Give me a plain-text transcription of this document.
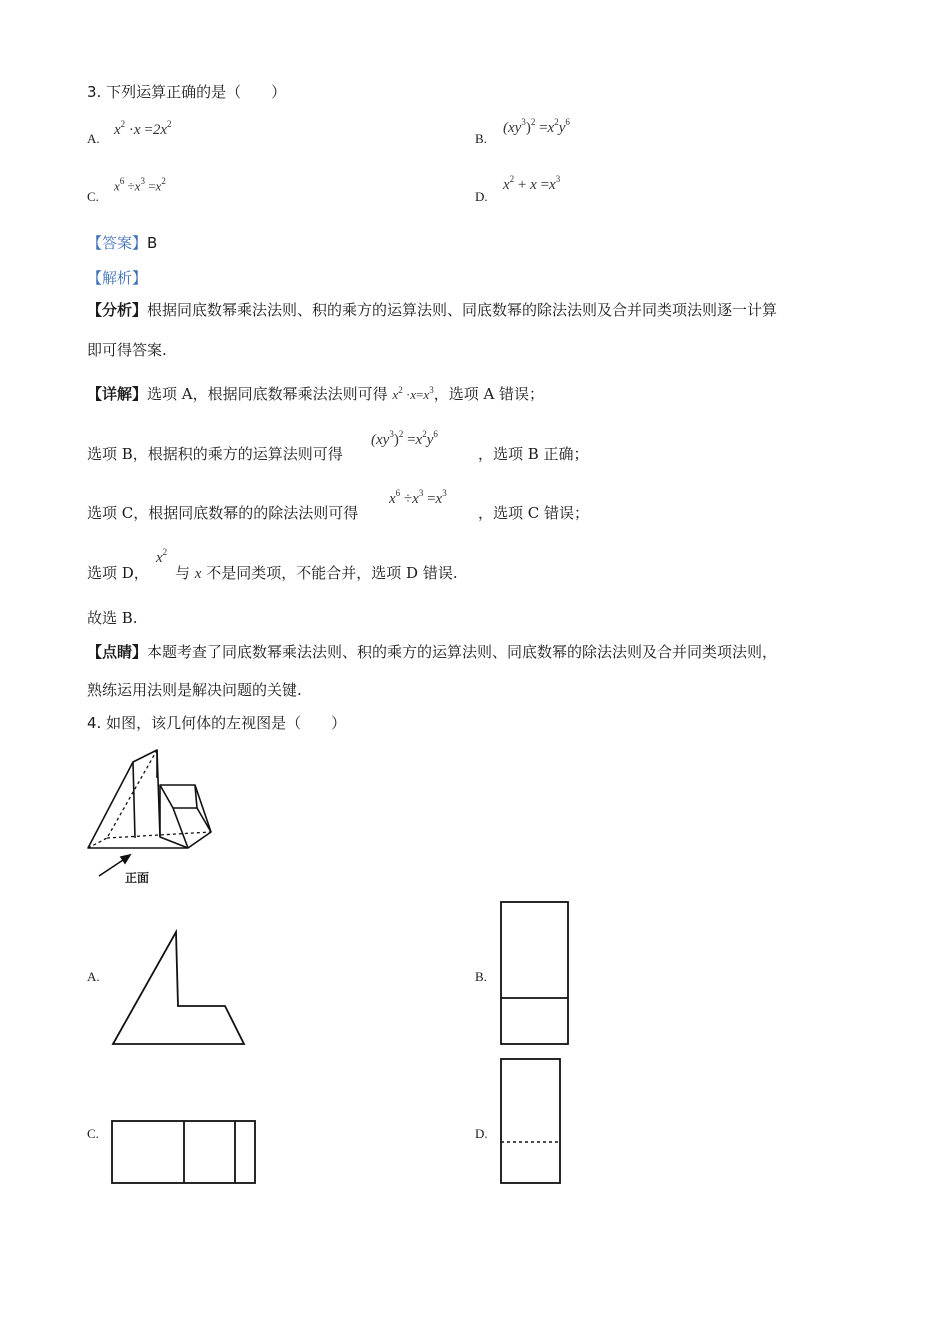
3. 下列运算正确的是（　　）
A.
$x^2 \cdot x =2x^2$
B.
$(xy^3)^2 =x^2y^6$
C.
$x^6 \div x^3 =x^2$
D.
$x^2 + x =x^3$
【答案】B
【解析】
【分析】根据同底数幂乘法法则、积的乘方的运算法则、同底数幂的除法法则及合并同类项法则逐一计算
即可得答案.
【详解】选项 A，根据同底数幂乘法法则可得 $x^2 \cdot x=x^3$，选项 A 错误；
选项 B，根据积的乘方的运算法则可得
$(xy^3)^2 =x^2y^6$
，选项 B 正确；
选项 C，根据同底数幂的的除法法则可得
$x^6 \div x^3 =x^3$
，选项 C 错误；
选项 D，
$x^2$
与 x 不是同类项，不能合并，选项 D 错误.
故选 B.
【点睛】本题考查了同底数幂乘法法则、积的乘方的运算法则、同底数幂的除法法则及合并同类项法则，
熟练运用法则是解决问题的关键.
4. 如图，该几何体的左视图是（　　）
正面
A.	B.
C.	D.
